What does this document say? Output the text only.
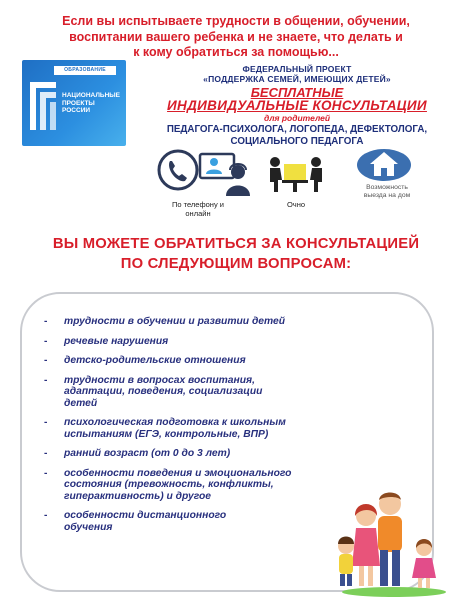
Если вы испытываете трудности в общении, обучении,
воспитании вашего ребенка и не знаете, что делать и
к кому обратиться за помощью...
ОБРАЗОВАНИЕ
НАЦИОНАЛЬНЫЕ
ПРОЕКТЫ
РОССИИ
ФЕДЕРАЛЬНЫЙ ПРОЕКТ
«ПОДДЕРЖКА СЕМЕЙ, ИМЕЮЩИХ ДЕТЕЙ»
БЕСПЛАТНЫЕ
ИНДИВИДУАЛЬНЫЕ КОНСУЛЬТАЦИИ
для родителей
ПЕДАГОГА-ПСИХОЛОГА, ЛОГОПЕДА, ДЕФЕКТОЛОГА,
СОЦИАЛЬНОГО ПЕДАГОГА
По телефону и
онлайн
Очно
Возможность
выезда на дом
ВЫ МОЖЕТЕ ОБРАТИТЬСЯ ЗА КОНСУЛЬТАЦИЕЙ
ПО СЛЕДУЮЩИМ ВОПРОСАМ:
- трудности в обучении и развитии детей
- речевые нарушения
- детско-родительские отношения
- трудности в вопросах воспитания,
адаптации, поведения, социализации
детей
- психологическая подготовка к школьным
испытаниям (ЕГЭ, контрольные, ВПР)
- ранний возраст (от 0 до 3 лет)
- особенности поведения и эмоционального
состояния (тревожность, конфликты,
гиперактивность) и другое
- особенности дистанционного
обучения
